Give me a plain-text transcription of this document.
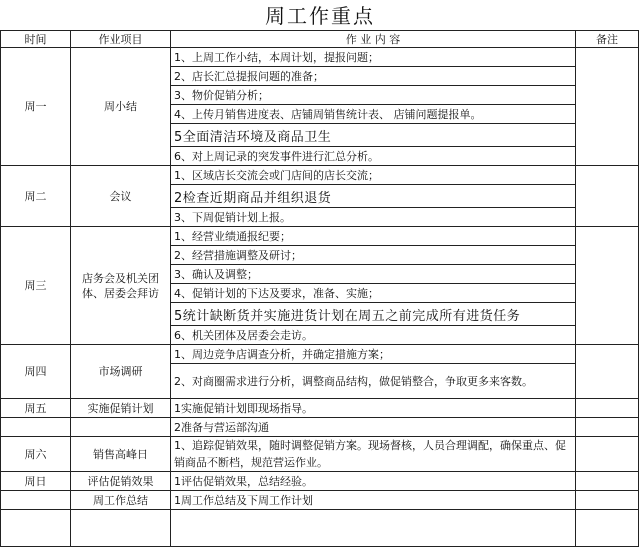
周工作重点
时间	作业项目	作 业 内 容	备注
周一	周小结	1、上周工作小结，本周计划，提报问题；	
		2、店长汇总提报问题的准备；	
		3、物价促销分析；	
		4、上传月销售进度表、店铺周销售统计表、 店铺问题提报单。	
		5全面清洁环境及商品卫生	
		6、对上周记录的突发事件进行汇总分析。	
周二	会议	1、区域店长交流会或门店间的店长交流；	
		2检查近期商品并组织退货	
		3、下周促销计划上报。	
周三	店务会及机关团体、居委会拜访	1、经营业绩通报纪要；	
		2、经营措施调整及研讨；	
		3、确认及调整；	
		4、促销计划的下达及要求，准备、实施；	
		5统计缺断货并实施进货计划在周五之前完成所有进货任务	
		6、机关团体及居委会走访。	
周四	市场调研	1、周边竞争店调查分析，并确定措施方案；	
		2、对商圈需求进行分析，调整商品结构，做促销整合，争取更多来客数。	
周五	实施促销计划	1实施促销计划即现场指导。	
		2准备与营运部沟通	
周六	销售高峰日	1、追踪促销效果，随时调整促销方案。现场督核，人员合理调配，确保重点、促销商品不断档，规范营运作业。	
周日	评估促销效果	1评估促销效果，总结经验。	
	周工作总结	1周工作总结及下周工作计划	
